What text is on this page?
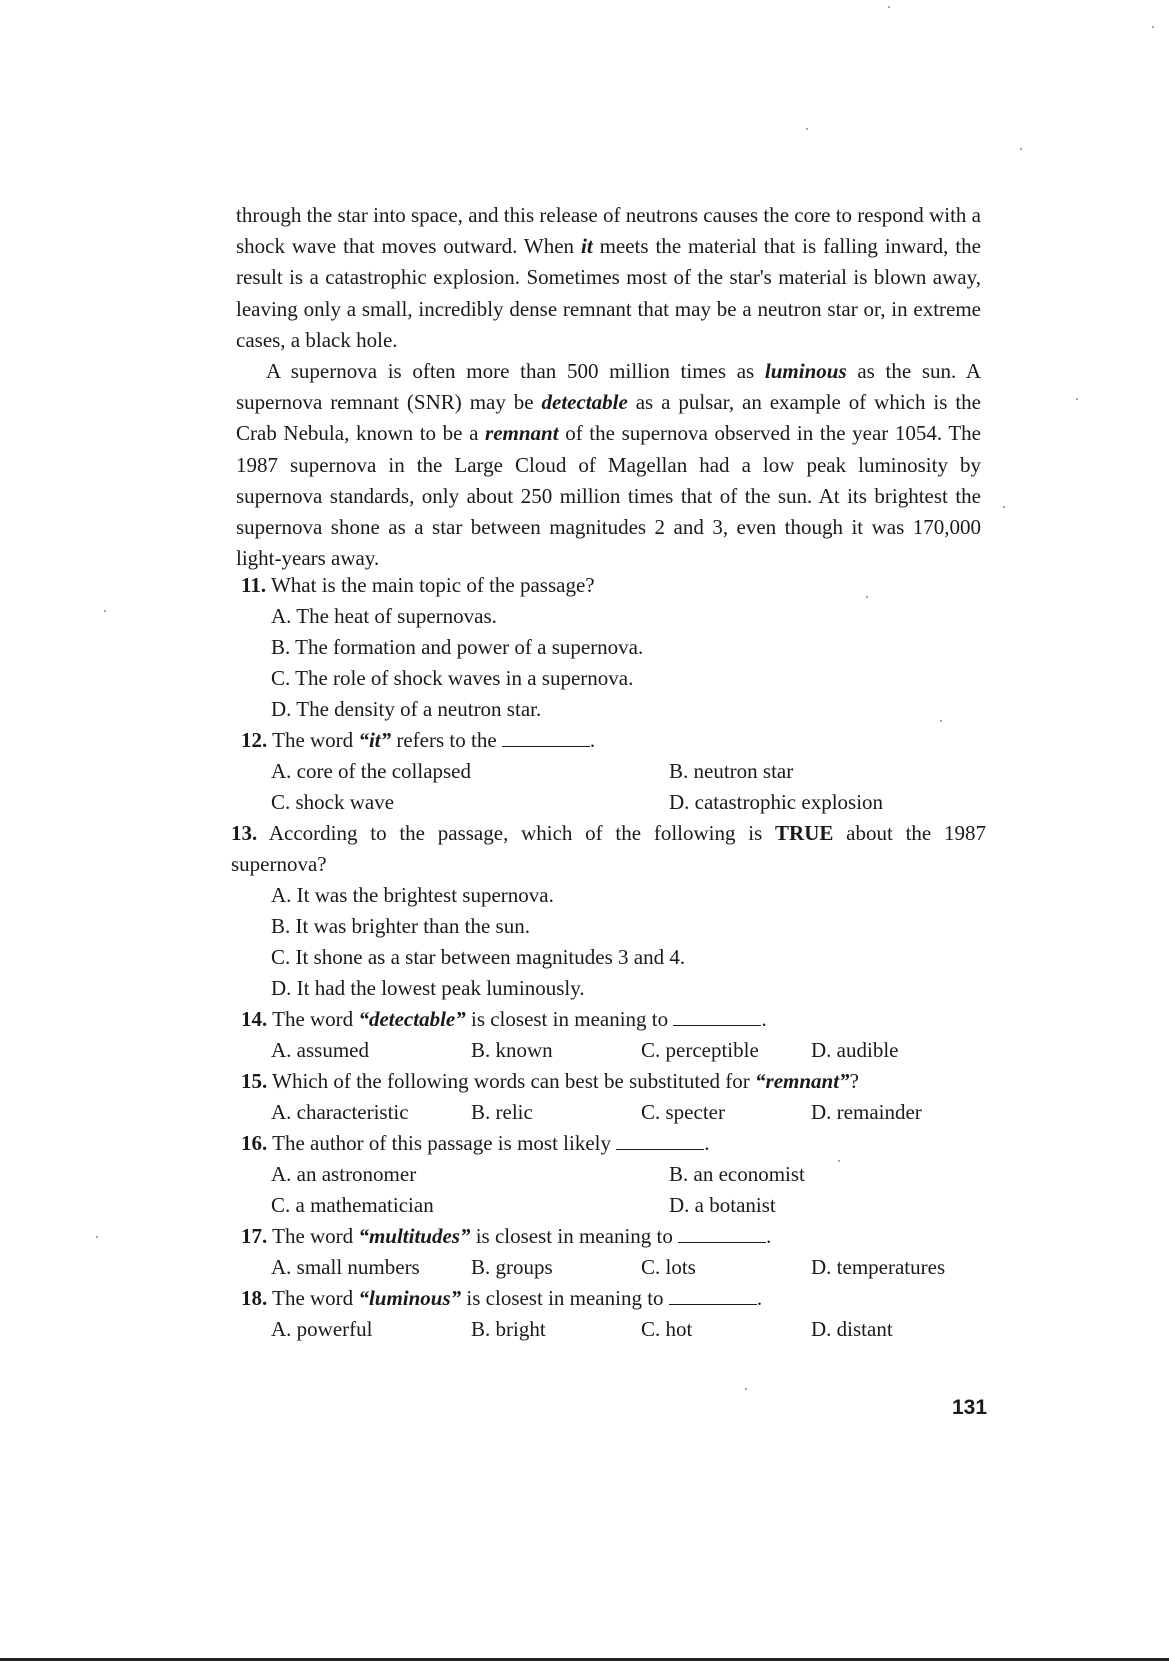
through the star into space, and this release of neutrons causes the core to respond with a shock wave that moves outward. When it meets the material that is falling inward, the result is a catastrophic explosion. Sometimes most of the star's material is blown away, leaving only a small, incredibly dense remnant that may be a neutron star or, in extreme cases, a black hole.

A supernova is often more than 500 million times as luminous as the sun. A supernova remnant (SNR) may be detectable as a pulsar, an example of which is the Crab Nebula, known to be a remnant of the supernova observed in the year 1054. The 1987 supernova in the Large Cloud of Magellan had a low peak luminosity by supernova standards, only about 250 million times that of the sun. At its brightest the supernova shone as a star between magnitudes 2 and 3, even though it was 170,000 light-years away.

11. What is the main topic of the passage?
A. The heat of supernovas.
B. The formation and power of a supernova.
C. The role of shock waves in a supernova.
D. The density of a neutron star.
12. The word “it” refers to the	.
A. core of the collapsed	B. neutron star
C. shock wave	D. catastrophic explosion
13. According to the passage, which of the following is TRUE about the 1987 supernova?
A. It was the brightest supernova.
B. It was brighter than the sun.
C. It shone as a star between magnitudes 3 and 4.
D. It had the lowest peak luminously.
14. The word “detectable” is closest in meaning to	.
A. assumed	B. known	C. perceptible	D. audible
15. Which of the following words can best be substituted for “remnant”?
A. characteristic	B. relic	C. specter	D. remainder
16. The author of this passage is most likely	.
A. an astronomer	B. an economist
C. a mathematician	D. a botanist
17. The word “multitudes” is closest in meaning to	.
A. small numbers	B. groups	C. lots	D. temperatures
18. The word “luminous” is closest in meaning to	.
A. powerful	B. bright	C. hot	D. distant
131
